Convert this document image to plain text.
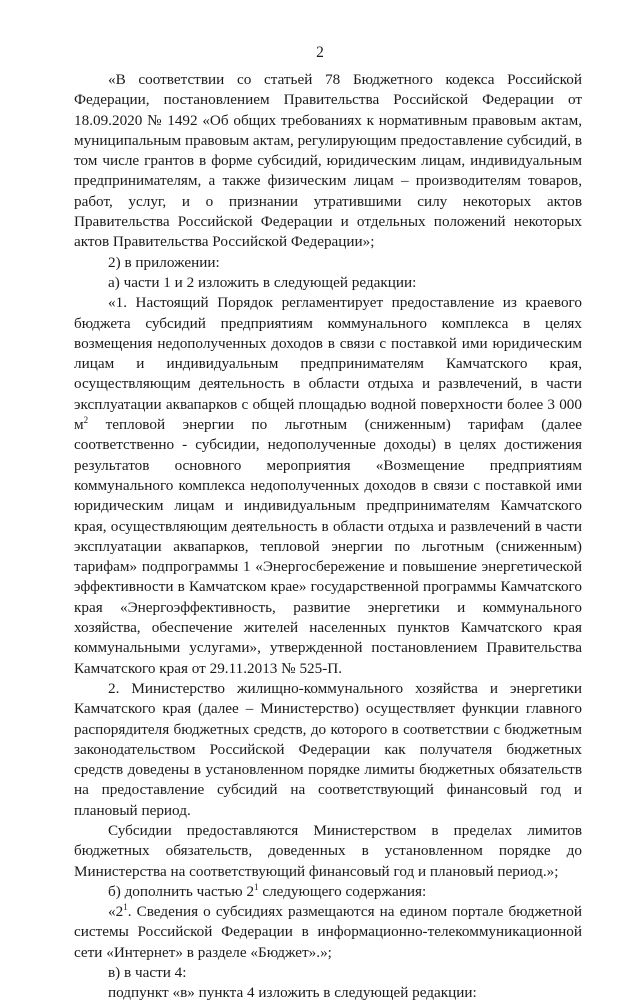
2

«В соответствии со статьей 78 Бюджетного кодекса Российской Федерации, постановлением Правительства Российской Федерации от 18.09.2020 № 1492 «Об общих требованиях к нормативным правовым актам, муниципальным правовым актам, регулирующим предоставление субсидий, в том числе грантов в форме субсидий, юридическим лицам, индивидуальным предпринимателям, а также физическим лицам – производителям товаров, работ, услуг, и о признании утратившими силу некоторых актов Правительства Российской Федерации и отдельных положений некоторых актов Правительства Российской Федерации»;

2) в приложении:

а) части 1 и 2 изложить в следующей редакции:

«1. Настоящий Порядок регламентирует предоставление из краевого бюджета субсидий предприятиям коммунального комплекса в целях возмещения недополученных доходов в связи с поставкой ими юридическим лицам и индивидуальным предпринимателям Камчатского края, осуществляющим деятельность в области отдыха и развлечений, в части эксплуатации аквапарков с общей площадью водной поверхности более 3 000 $м^2$ тепловой энергии по льготным (сниженным) тарифам (далее соответственно - субсидии, недополученные доходы) в целях достижения результатов основного мероприятия «Возмещение предприятиям коммунального комплекса недополученных доходов в связи с поставкой ими юридическим лицам и индивидуальным предпринимателям Камчатского края, осуществляющим деятельность в области отдыха и развлечений в части эксплуатации аквапарков, тепловой энергии по льготным (сниженным) тарифам» подпрограммы 1 «Энергосбережение и повышение энергетической эффективности в Камчатском крае» государственной программы Камчатского края «Энергоэффективность, развитие энергетики и коммунального хозяйства, обеспечение жителей населенных пунктов Камчатского края коммунальными услугами», утвержденной постановлением Правительства Камчатского края от 29.11.2013 № 525-П.

2. Министерство жилищно-коммунального хозяйства и энергетики Камчатского края (далее – Министерство) осуществляет функции главного распорядителя бюджетных средств, до которого в соответствии с бюджетным законодательством Российской Федерации как получателя бюджетных средств доведены в установленном порядке лимиты бюджетных обязательств на предоставление субсидий на соответствующий финансовый год и плановый период.

Субсидии предоставляются Министерством в пределах лимитов бюджетных обязательств, доведенных в установленном порядке до Министерства на соответствующий финансовый год и плановый период.»;

б) дополнить частью $2^1$ следующего содержания:

«$2^1$. Сведения о субсидиях размещаются на едином портале бюджетной системы Российской Федерации в информационно-телекоммуникационной сети «Интернет» в разделе «Бюджет».»;

в) в части 4:

подпункт «в» пункта 4 изложить в следующей редакции:
